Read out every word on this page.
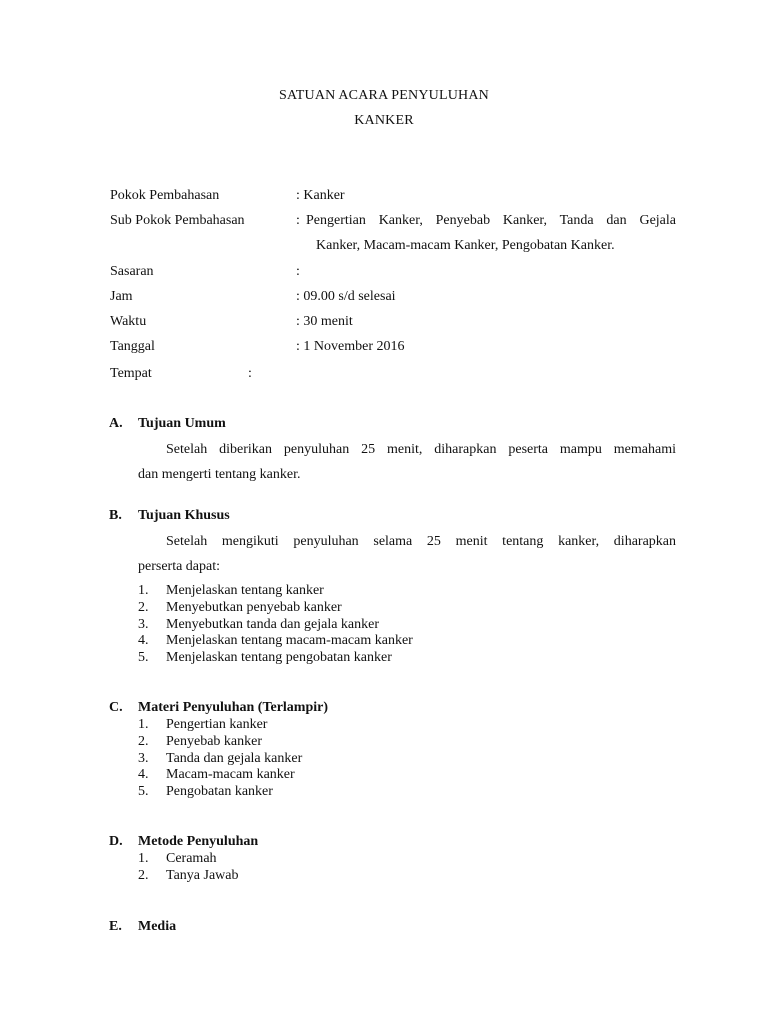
SATUAN ACARA PENYULUHAN
KANKER
Pokok Pembahasan	: Kanker
Sub Pokok Pembahasan	: Pengertian Kanker, Penyebab Kanker, Tanda dan Gejala
Kanker, Macam-macam Kanker, Pengobatan Kanker.
Sasaran	:
Jam	: 09.00 s/d selesai
Waktu	: 30 menit
Tanggal	: 1 November 2016
Tempat	:
A. Tujuan Umum
Setelah diberikan penyuluhan 25 menit, diharapkan peserta mampu memahami
dan mengerti tentang kanker.
B. Tujuan Khusus
Setelah mengikuti penyuluhan selama 25 menit tentang kanker, diharapkan
perserta dapat:
1. Menjelaskan tentang kanker
2. Menyebutkan penyebab kanker
3. Menyebutkan tanda dan gejala kanker
4. Menjelaskan tentang macam-macam kanker
5. Menjelaskan tentang pengobatan kanker
C. Materi Penyuluhan (Terlampir)
1. Pengertian kanker
2. Penyebab kanker
3. Tanda dan gejala kanker
4. Macam-macam kanker
5. Pengobatan kanker
D. Metode Penyuluhan
1. Ceramah
2. Tanya Jawab
E. Media
